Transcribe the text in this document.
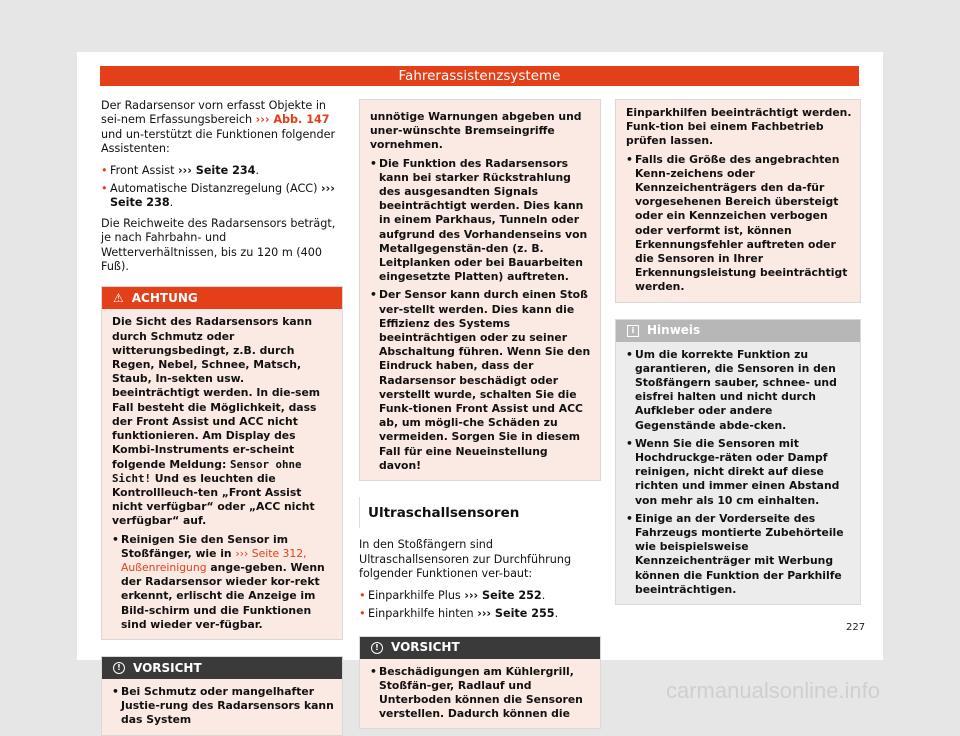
Fahrerassistenzsysteme

Der Radarsensor vorn erfasst Objekte in sei-nem Erfassungsbereich ››› Abb. 147 und un-terstützt die Funktionen folgender Assistenten:

• Front Assist ››› Seite 234.
• Automatische Distanzregelung (ACC) ››› Seite 238.

Die Reichweite des Radarsensors beträgt, je nach Fahrbahn- und Wetterverhältnissen, bis zu 120 m (400 Fuß).

⚠ ACHTUNG

Die Sicht des Radarsensors kann durch Schmutz oder witterungsbedingt, z.B. durch Regen, Nebel, Schnee, Matsch, Staub, In-sekten usw. beeinträchtigt werden. In die-sem Fall besteht die Möglichkeit, dass der Front Assist und ACC nicht funktionieren. Am Display des Kombi-Instruments er-scheint folgende Meldung: Sensor ohne Sicht! Und es leuchten die Kontrollleuch-ten „Front Assist nicht verfügbar“ oder „ACC nicht verfügbar“ auf.

• Reinigen Sie den Sensor im Stoßfänger, wie in ››› Seite 312, Außenreinigung ange-geben. Wenn der Radarsensor wieder kor-rekt erkennt, erlischt die Anzeige im Bild-schirm und die Funktionen sind wieder ver-fügbar.
!	VORSICHT
• Bei Schmutz oder mangelhafter Justie-rung des Radarsensors kann das System

unnötige Warnungen abgeben und uner-wünschte Bremseingriffe vornehmen.

• Die Funktion des Radarsensors kann bei starker Rückstrahlung des ausgesandten Signals beeinträchtigt werden. Dies kann in einem Parkhaus, Tunneln oder aufgrund des Vorhandenseins von Metallgegenstän-den (z. B. Leitplanken oder bei Bauarbeiten eingesetzte Platten) auftreten.
• Der Sensor kann durch einen Stoß ver-stellt werden. Dies kann die Effizienz des Systems beeinträchtigen oder zu seiner Abschaltung führen. Wenn Sie den Eindruck haben, dass der Radarsensor beschädigt oder verstellt wurde, schalten Sie die Funk-tionen Front Assist und ACC ab, um mögli-che Schäden zu vermeiden. Sorgen Sie in diesem Fall für eine Neueinstellung davon!
Ultraschallsensoren

In den Stoßfängern sind Ultraschallsensoren zur Durchführung folgender Funktionen ver-baut:

• Einparkhilfe Plus ››› Seite 252.
• Einparkhilfe hinten ››› Seite 255.
!	VORSICHT
• Beschädigungen am Kühlergrill, Stoßfän-ger, Radlauf und Unterboden können die Sensoren verstellen. Dadurch können die

Einparkhilfen beeinträchtigt werden. Funk-tion bei einem Fachbetrieb prüfen lassen.

• Falls die Größe des angebrachten Kenn-zeichens oder Kennzeichenträgers den da-für vorgesehenen Bereich übersteigt oder ein Kennzeichen verbogen oder verformt ist, können Erkennungsfehler auftreten oder die Sensoren in Ihrer Erkennungsleistung beeinträchtigt werden.
i	Hinweis
• Um die korrekte Funktion zu garantieren, die Sensoren in den Stoßfängern sauber, schnee- und eisfrei halten und nicht durch Aufkleber oder andere Gegenstände abde-cken.
• Wenn Sie die Sensoren mit Hochdruckge-räten oder Dampf reinigen, nicht direkt auf diese richten und immer einen Abstand von mehr als 10 cm einhalten.
• Einige an der Vorderseite des Fahrzeugs montierte Zubehörteile wie beispielsweise Kennzeichenträger mit Werbung können die Funktion der Parkhilfe beeinträchtigen.
227
carmanualsonline.info
